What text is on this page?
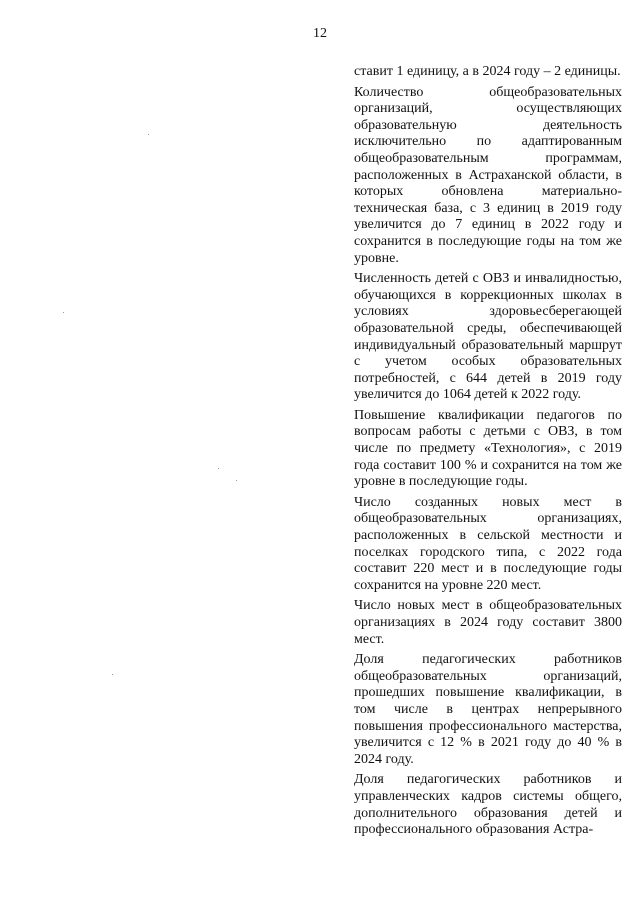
12

ставит 1 единицу, а в 2024 году – 2 единицы.

Количество общеобразовательных организаций, осуществляющих образовательную деятельность исключительно по адаптированным общеобразовательным программам, расположенных в Астраханской области, в которых обновлена материально-техническая база, с 3 единиц в 2019 году увеличится до 7 единиц в 2022 году и сохранится в последующие годы на том же уровне.

Численность детей с ОВЗ и инвалидностью, обучающихся в коррекционных школах в условиях здоровьесберегающей образовательной среды, обеспечивающей индивидуальный образовательный маршрут с учетом особых образовательных потребностей, с 644 детей в 2019 году увеличится до 1064 детей к 2022 году.

Повышение квалификации педагогов по вопросам работы с детьми с ОВЗ, в том числе по предмету «Технология», с 2019 года составит 100 % и сохранится на том же уровне в последующие годы.

Число созданных новых мест в общеобразовательных организациях, расположенных в сельской местности и поселках городского типа, с 2022 года составит 220 мест и в последующие годы сохранится на уровне 220 мест.

Число новых мест в общеобразовательных организациях в 2024 году составит 3800 мест.

Доля педагогических работников общеобразовательных организаций, прошедших повышение квалификации, в том числе в центрах непрерывного повышения профессионального мастерства, увеличится с 12 % в 2021 году до 40 % в 2024 году.

Доля педагогических работников и управленческих кадров системы общего, дополнительного образования детей и профессионального образования Астра-
